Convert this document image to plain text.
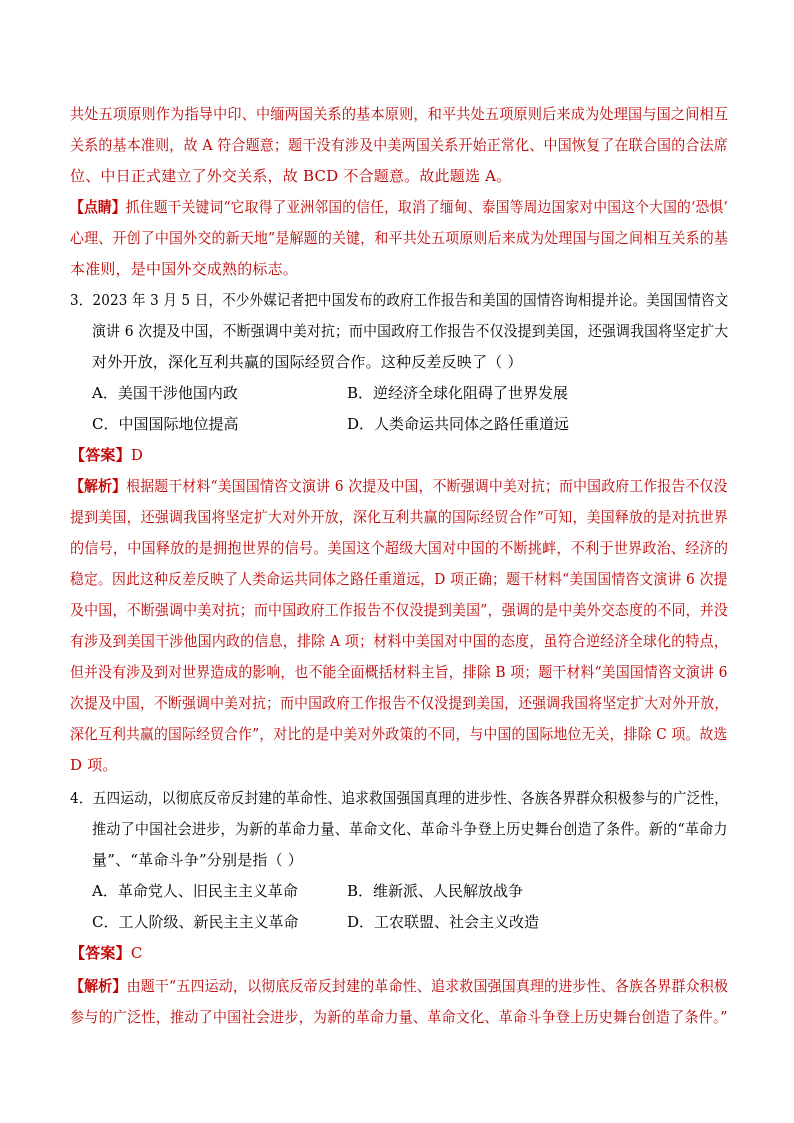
共处五项原则作为指导中印、中缅两国关系的基本原则，和平共处五项原则后来成为处理国与国之间相互
关系的基本准则，故 A 符合题意；题干没有涉及中美两国关系开始正常化、中国恢复了在联合国的合法席
位、中日正式建立了外交关系，故 BCD 不合题意。故此题选 A。
【点睛】抓住题干关键词“它取得了亚洲邻国的信任，取消了缅甸、泰国等周边国家对中国这个大国的‘恐惧’
心理、开创了中国外交的新天地”是解题的关键，和平共处五项原则后来成为处理国与国之间相互关系的基
本准则，是中国外交成熟的标志。
3．2023 年 3 月 5 日，不少外媒记者把中国发布的政府工作报告和美国的国情咨询相提并论。美国国情咨文
演讲 6 次提及中国，不断强调中美对抗；而中国政府工作报告不仅没提到美国，还强调我国将坚定扩大
对外开放，深化互利共赢的国际经贸合作。这种反差反映了（ ）
A．美国干涉他国内政	B．逆经济全球化阻碍了世界发展
C．中国国际地位提高	D．人类命运共同体之路任重道远
【答案】D
【解析】根据题干材料“美国国情咨文演讲 6 次提及中国，不断强调中美对抗；而中国政府工作报告不仅没
提到美国，还强调我国将坚定扩大对外开放，深化互利共赢的国际经贸合作”可知，美国释放的是对抗世界
的信号，中国释放的是拥抱世界的信号。美国这个超级大国对中国的不断挑衅，不利于世界政治、经济的
稳定。因此这种反差反映了人类命运共同体之路任重道远，D 项正确；题干材料“美国国情咨文演讲 6 次提
及中国，不断强调中美对抗；而中国政府工作报告不仅没提到美国”，强调的是中美外交态度的不同，并没
有涉及到美国干涉他国内政的信息，排除 A 项；材料中美国对中国的态度，虽符合逆经济全球化的特点，
但并没有涉及到对世界造成的影响，也不能全面概括材料主旨，排除 B 项；题干材料“美国国情咨文演讲 6
次提及中国，不断强调中美对抗；而中国政府工作报告不仅没提到美国，还强调我国将坚定扩大对外开放，
深化互利共赢的国际经贸合作”，对比的是中美对外政策的不同，与中国的国际地位无关，排除 C 项。故选
D 项。
4．五四运动，以彻底反帝反封建的革命性、追求救国强国真理的进步性、各族各界群众积极参与的广泛性，
推动了中国社会进步，为新的革命力量、革命文化、革命斗争登上历史舞台创造了条件。新的“革命力
量”、“革命斗争”分别是指（ ）
A．革命党人、旧民主主义革命	B．维新派、人民解放战争
C．工人阶级、新民主主义革命	D．工农联盟、社会主义改造
【答案】C
【解析】由题干“五四运动，以彻底反帝反封建的革命性、追求救国强国真理的进步性、各族各界群众积极
参与的广泛性，推动了中国社会进步，为新的革命力量、革命文化、革命斗争登上历史舞台创造了条件。”
